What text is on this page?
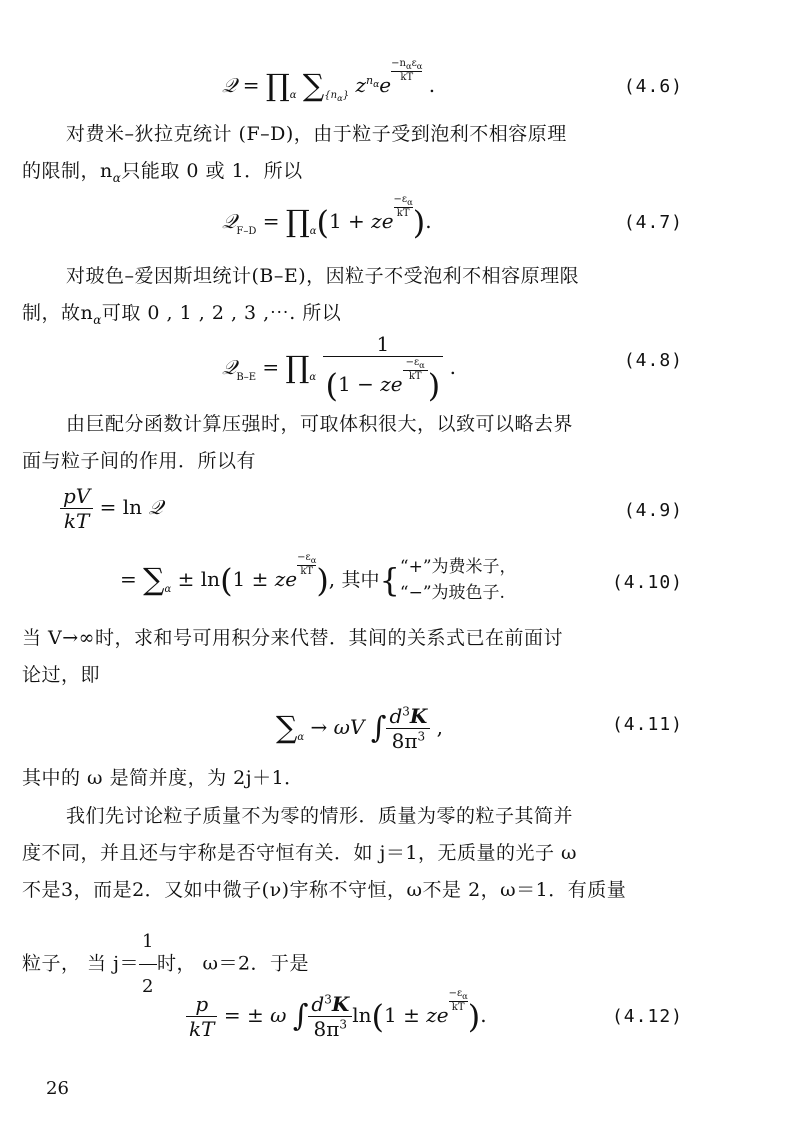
𝒬 = $\prod_\alpha$ $\sum_{\{n_\alpha\}}$ $z^{n_\alpha}e$
$\frac{-n_\alpha\varepsilon_\alpha}{kT}$
.	(4.6)
对费米–狄拉克统计 (F–D)，由于粒子受到泡利不相容原理
的限制，$n_\alpha$只能取 0 或 1．所以
𝒬$_{F-D}$ = $\prod_\alpha(1$ + ze
$\frac{-\varepsilon_\alpha}{kT}$ ).	(4.7)
对玻色–爱因斯坦统计(B–E)，因粒子不受泡利不相容原理限
制，故$n_\alpha$可取 0 , 1 , 2 , 3 ,⋯. 所以
𝒬$_{B-E}$ = $\prod_\alpha$ 1
(1 − ze
$\frac{-\varepsilon_\alpha}{kT}$ ) .	(4.8)
由巨配分函数计算压强时，可取体积很大，以致可以略去界
面与粒子间的作用．所以有
$\frac{pV}{kT} = \ln$ 𝒬	(4.9)
= $\sum_\alpha \pm \ln(1$ ± ze
$\frac{-\varepsilon_\alpha}{kT}$ ), 其中{“+”为费米子，
“−”为玻色子.
(4.10)
当 V→∞时，求和号可用积分来代替．其间的关系式已在前面讨
论过，即
$\sum_\alpha \to \omega V$ ∫ $\frac{d^3K}{8\pi^3}$ ,	(4.11)
其中的 ω 是简并度，为 2j＋1．
我们先讨论粒子质量不为零的情形．质量为零的粒子其简并
度不同，并且还与宇称是否守恒有关．如 j＝1，无质量的光子 ω
不是3，而是2．又如中微子(ν)宇称不守恒，ω不是 2，ω＝1．有质量
粒子， 当 $j= \frac{1}{2}$ 时， ω＝2．于是
$\frac{p}{kT}$ = ± ω ∫ $\frac{d^3K}{8\pi^3} \ln(1$ ± ze
$\frac{-\varepsilon_\alpha}{kT}$ ).	(4.12)
26
